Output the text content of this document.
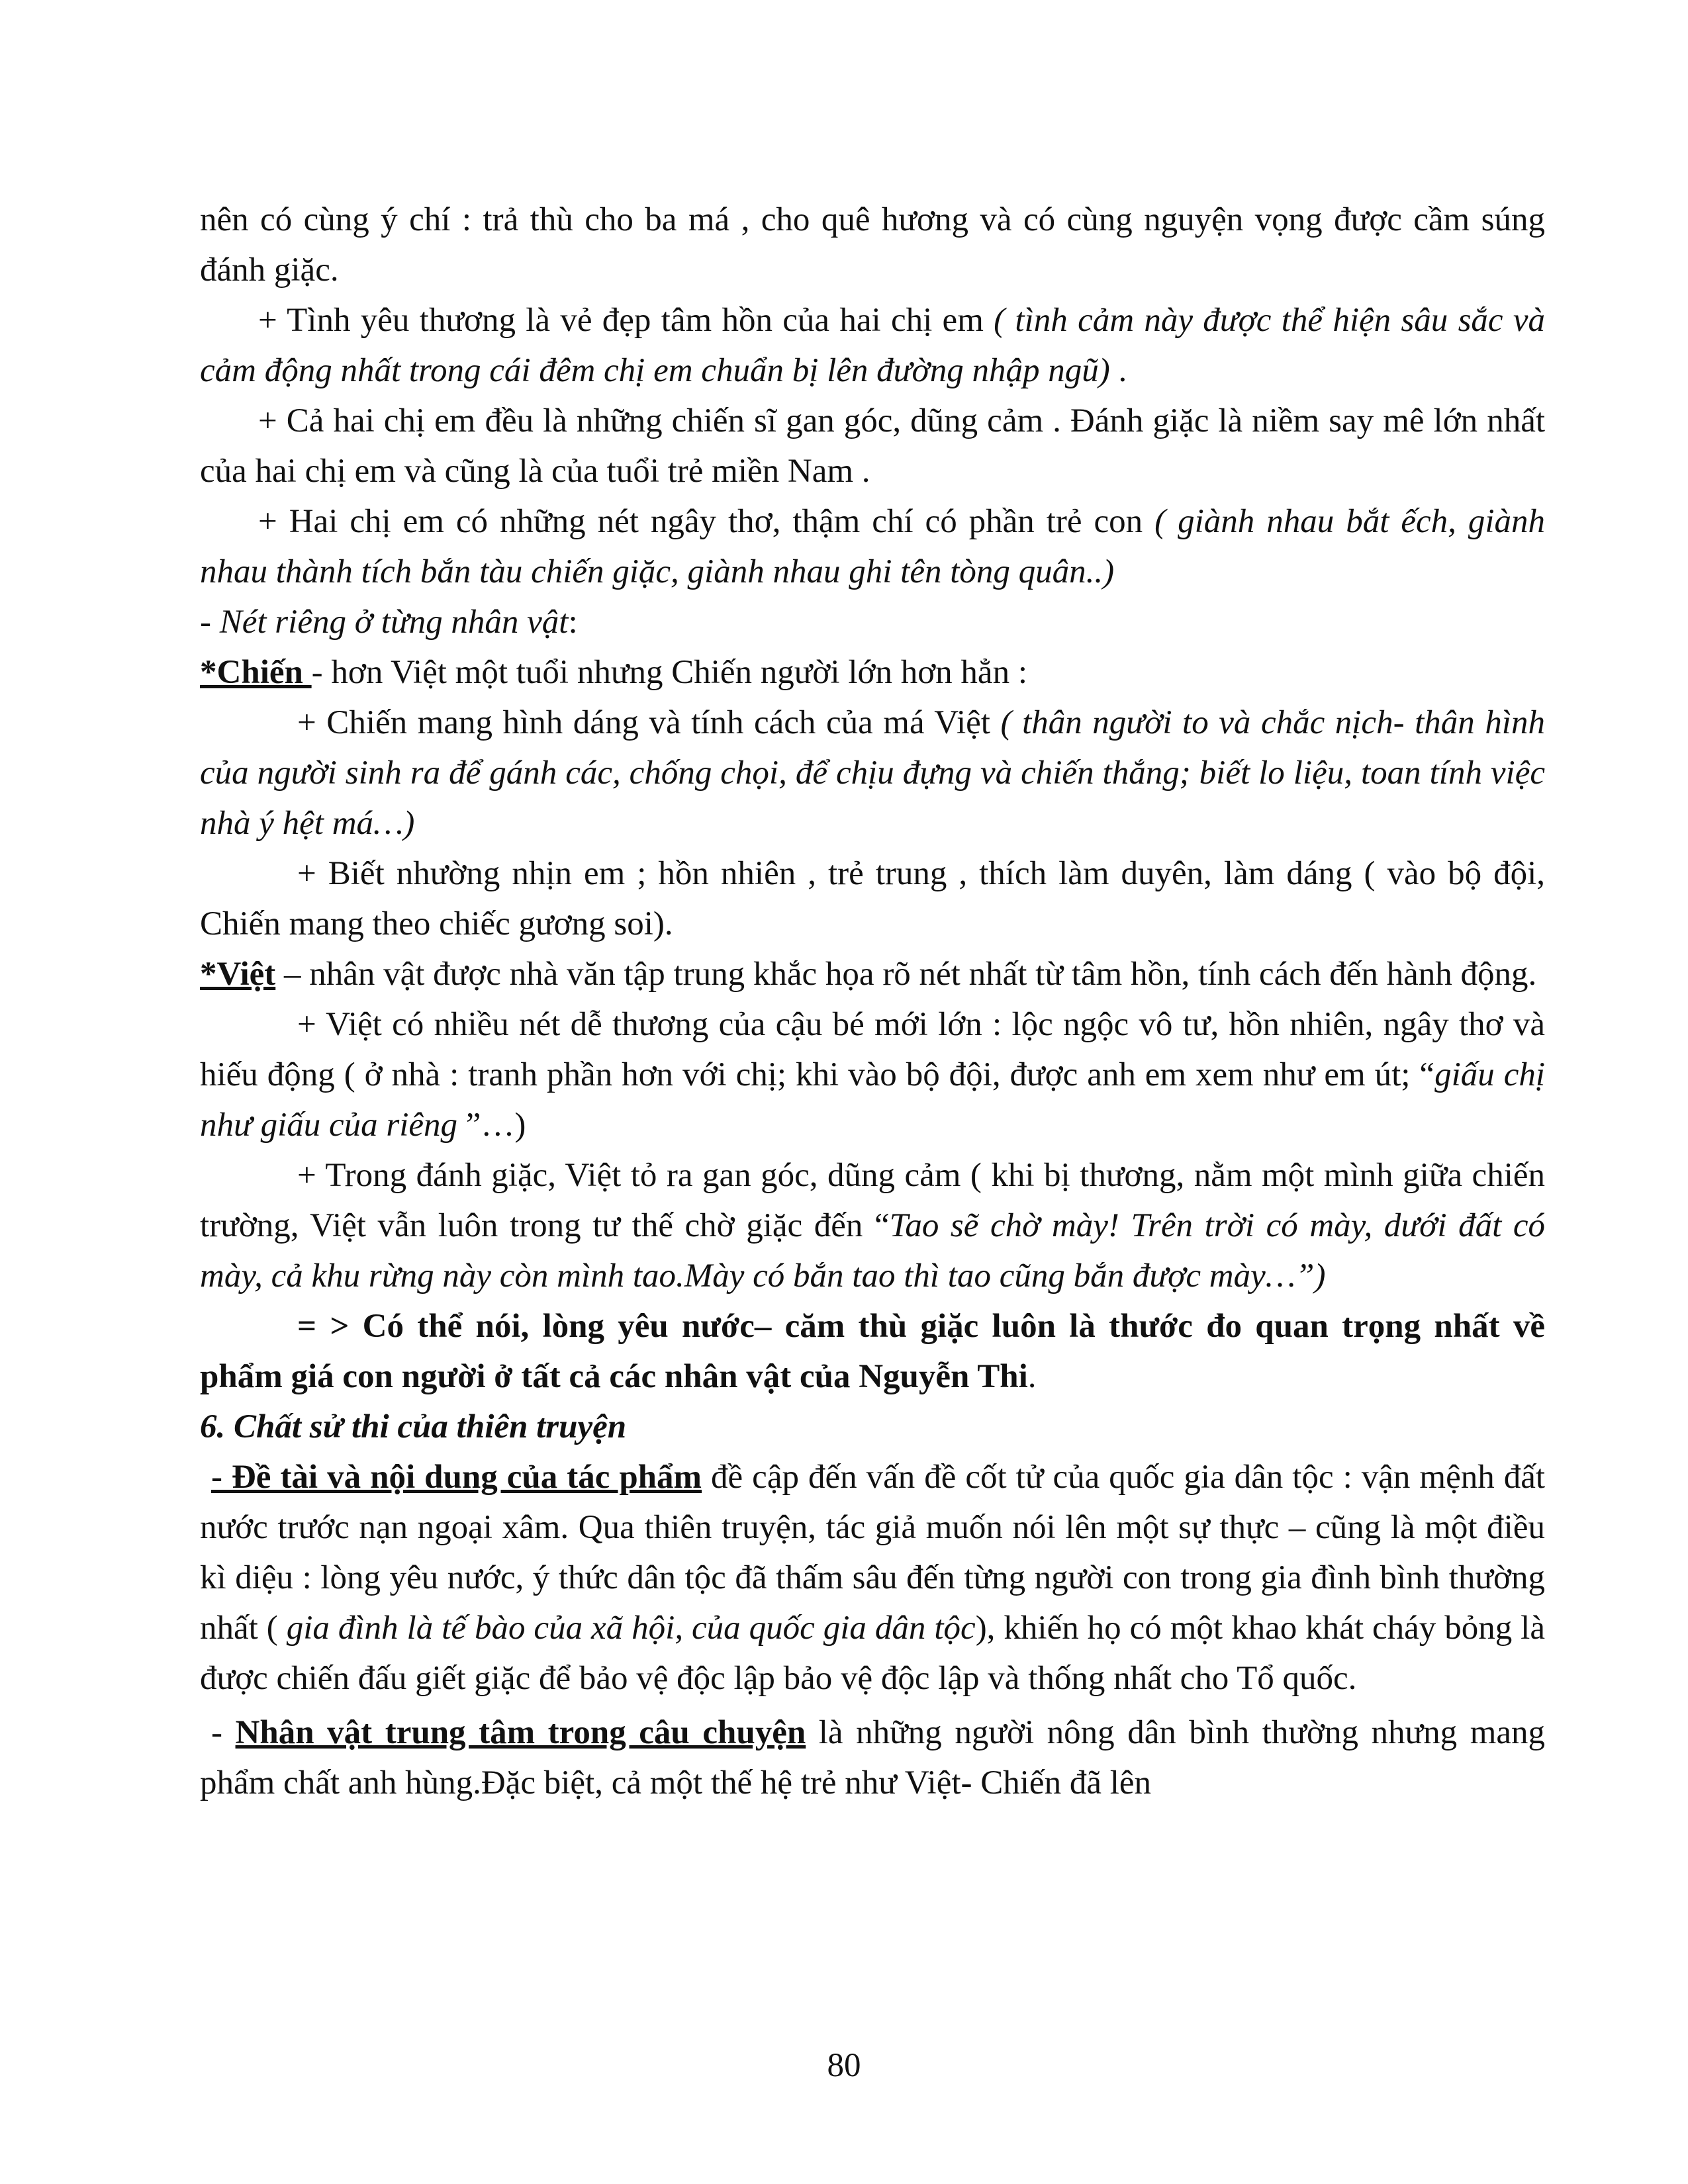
nên có cùng ý chí : trả thù cho ba má , cho quê hương và có cùng nguyện vọng được cầm súng đánh giặc.

+ Tình yêu thương là vẻ đẹp tâm hồn của hai chị em ( tình cảm này được thể hiện sâu sắc và cảm động nhất trong cái đêm chị em chuẩn bị lên đường nhập ngũ) .

+ Cả hai chị em đều là những chiến sĩ gan góc, dũng cảm . Đánh giặc là niềm say mê lớn nhất của hai chị em và cũng là của tuổi trẻ miền Nam .

+ Hai chị em có những nét ngây thơ, thậm chí có phần trẻ con ( giành nhau bắt ếch, giành nhau thành tích bắn tàu chiến giặc, giành nhau ghi tên tòng quân..)

- Nét riêng ở từng nhân vật:

*Chiến - hơn Việt một tuổi nhưng Chiến người lớn hơn hẳn :

+ Chiến mang hình dáng và tính cách của má Việt ( thân người to và chắc nịch- thân hình của người sinh ra để gánh các, chống chọi, để chịu đựng và chiến thắng; biết lo liệu, toan tính việc nhà ý hệt má…)

+ Biết nhường nhịn em ; hồn nhiên , trẻ trung , thích làm duyên, làm dáng ( vào bộ đội, Chiến mang theo chiếc gương soi).

*Việt – nhân vật được nhà văn tập trung khắc họa rõ nét nhất từ tâm hồn, tính cách đến hành động.

+ Việt có nhiều nét dễ thương của cậu bé mới lớn : lộc ngộc vô tư, hồn nhiên, ngây thơ và hiếu động ( ở nhà : tranh phần hơn với chị; khi vào bộ đội, được anh em xem như em út; “giấu chị như giấu của riêng ”…)

+ Trong đánh giặc, Việt tỏ ra gan góc, dũng cảm ( khi bị thương, nằm một mình giữa chiến trường, Việt vẫn luôn trong tư thế chờ giặc đến “Tao sẽ chờ mày! Trên trời có mày, dưới đất có mày, cả khu rừng này còn mình tao.Mày có bắn tao thì tao cũng bắn được mày…”)

= > Có thể nói, lòng yêu nước– căm thù giặc luôn là thước đo quan trọng nhất về phẩm giá con người ở tất cả các nhân vật của Nguyễn Thi.

6. Chất sử thi của thiên truyện

- Đề tài và nội dung của tác phẩm đề cập đến vấn đề cốt tử của quốc gia dân tộc : vận mệnh đất nước trước nạn ngoại xâm. Qua thiên truyện, tác giả muốn nói lên một sự thực – cũng là một điều kì diệu : lòng yêu nước, ý thức dân tộc đã thấm sâu đến từng người con trong gia đình bình thường nhất ( gia đình là tế bào của xã hội, của quốc gia dân tộc), khiến họ có một khao khát cháy bỏng là được chiến đấu giết giặc để bảo vệ độc lập bảo vệ độc lập và thống nhất cho Tổ quốc.

- Nhân vật trung tâm trong câu chuyện là những người nông dân bình thường nhưng mang phẩm chất anh hùng.Đặc biệt, cả một thế hệ trẻ như Việt- Chiến đã lên

80
